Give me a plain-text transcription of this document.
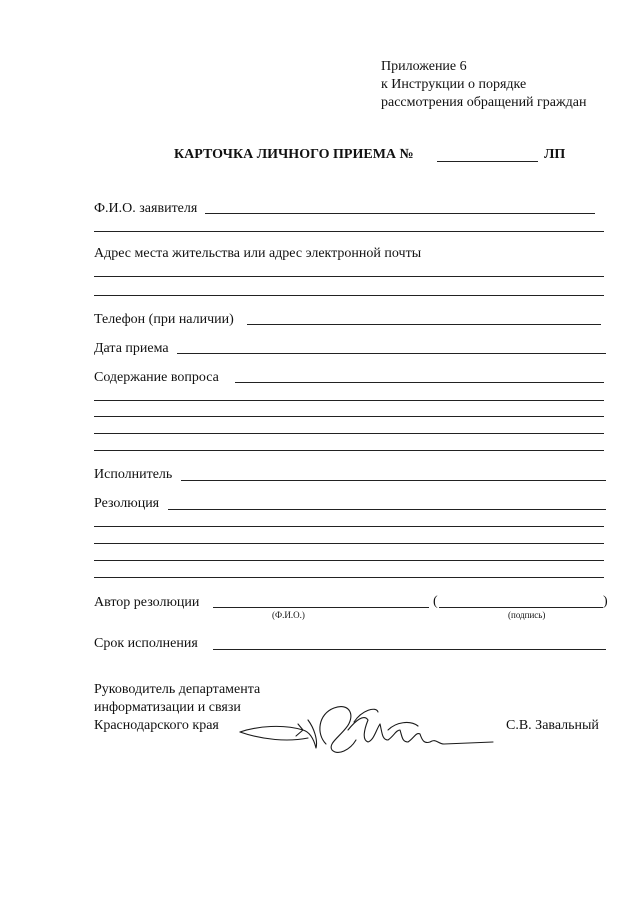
Приложение 6
к Инструкции о порядке
рассмотрения обращений граждан
КАРТОЧКА ЛИЧНОГО ПРИЕМА №	ЛП
Ф.И.О. заявителя
Адрес места жительства или адрес электронной почты
Телефон (при наличии)
Дата приема
Содержание вопроса
Исполнитель
Резолюция
Автор резолюции	(	)
(Ф.И.О.)	(подпись)
Срок исполнения
Руководитель департамента
информатизации и связи
Краснодарского края	С.В. Завальный
